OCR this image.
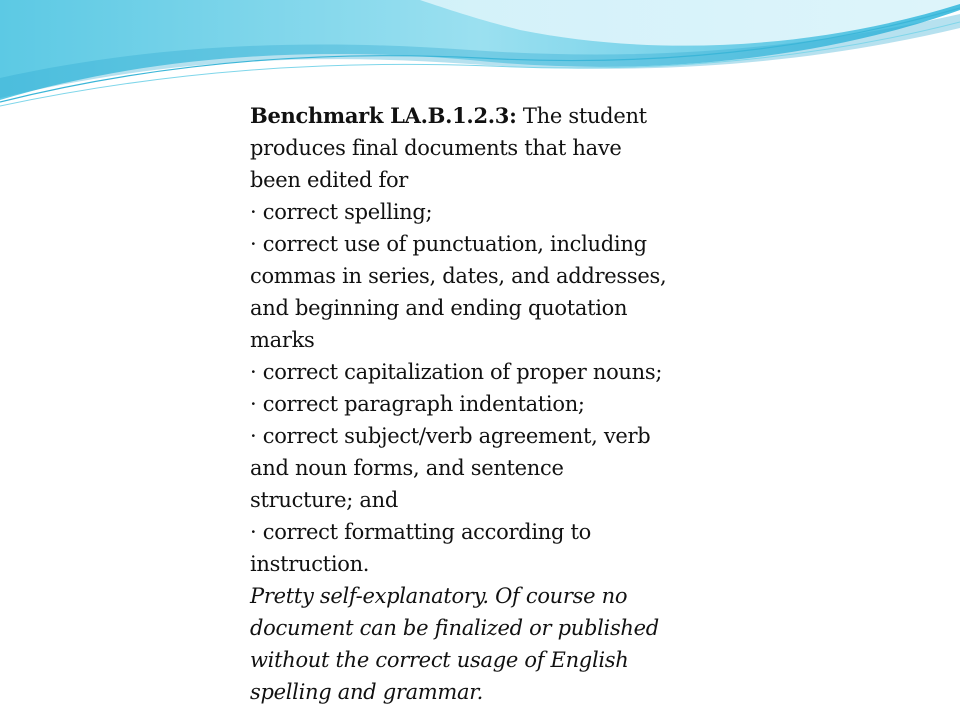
Benchmark LA.B.1.2.3: The student
produces final documents that have
been edited for
· correct spelling;
· correct use of punctuation, including
commas in series, dates, and addresses,
and beginning and ending quotation
marks
· correct capitalization of proper nouns;
· correct paragraph indentation;
· correct subject/verb agreement, verb
and noun forms, and sentence
structure; and
· correct formatting according to
instruction.
Pretty self-explanatory. Of course no
document can be finalized or published
without the correct usage of English
spelling and grammar.
